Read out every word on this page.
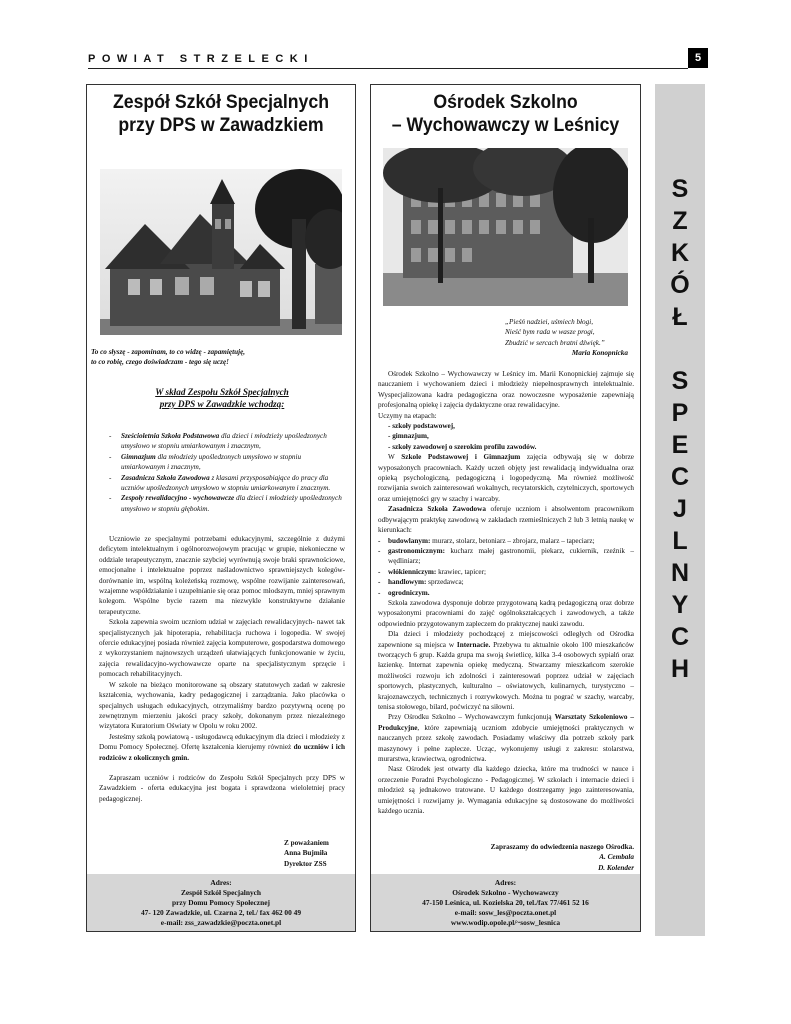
POWIAT STRZELECKI	5
S
Z
K
Ó
Ł
S
P
E
C
J
L
N
Y
C
H
Zespół Szkół Specjalnych
przy DPS w Zawadzkiem
To co słyszę - zapominam, to co widzę - zapamiętuję,
to co robię, czego doświadczam - tego się uczę!
W skład Zespołu Szkół Specjalnych
przy DPS w Zawadzkie wchodzą:

- Sześcioletnia Szkoła Podstawowa dla dzieci i młodzieży upośledzonych umysłowo w stopniu umiarkowanym i znacznym,

- Gimnazjum dla młodzieży upośledzonych umysłowo w stopniu umiarkowanym i znacznym,

- Zasadnicza Szkoła Zawodowa z klasami przysposabiające do pracy dla uczniów upośledzonych umysłowo w stopniu umiarkowanym i znacznym.

- Zespoły rewalidacyjno - wychowawcze dla dzieci i młodzieży upośledzonych umysłowo w stopniu głębokim.

Uczniowie ze specjalnymi potrzebami edukacyjnymi, szczególnie z dużymi deficytem intelektualnym i ogólnorozwojowym pracując w grupie, niekonieczne w oddziale terapeutycznym, znacznie szybciej wyrównują swoje braki sprawnościowe, emocjonalne i intelektualne poprzez naśladownictwo sprawniejszych kolegów- dorównanie im, wspólną koleżeńską rozmowę, wspólne rozwijanie zainteresowań, wzajemne współdziałanie i uzupełnianie się oraz pomoc młodszym, mniej sprawnym kolegom. Wspólne bycie razem ma niezwykle konstruktywne działanie terapeutyczne.

Szkoła zapewnia swoim uczniom udział w zajęciach rewalidacyjnych- nawet tak specjalistycznych jak hipoterapia, rehabilitacja ruchowa i logopedia. W swojej ofercie edukacyjnej posiada również zajęcia komputerowe, gospodarstwa domowego z wykorzystaniem najnowszych urządzeń ułatwiających funkcjonowanie w życiu, zajęcia rewalidacyjno-wychowawcze oparte na specjalistycznym sprzęcie i pomocach rehabilitacyjnych.

W szkole na bieżąco monitorowane są obszary statutowych zadań w zakresie kształcenia, wychowania, kadry pedagogicznej i zarządzania. Jako placówka o specjalnych usługach edukacyjnych, otrzymaliśmy bardzo pozytywną ocenę po zewnętrznym mierzeniu jakości pracy szkoły, dokonanym przez niezależnego wizytatora Kuratorium Oświaty w Opolu w roku 2002.

Jesteśmy szkołą powiatową - usługodawcą edukacyjnym dla dzieci i młodzieży z Domu Pomocy Społecznej. Ofertę kształcenia kierujemy również do uczniów i ich rodziców z okolicznych gmin.

Zapraszam uczniów i rodziców do Zespołu Szkół Specjalnych przy DPS w Zawadzkiem - oferta edukacyjna jest bogata i sprawdzona wieloletniej pracy pedagogicznej.

Z poważaniem
Anna Bujmiła
Dyrektor ZSS
Adres:
Zespół Szkół Specjalnych
przy Domu Pomocy Społecznej
47- 120 Zawadzkie, ul. Czarna 2, tel./ fax 462 00 49
e-mail: zss_zawadzkie@poczta.onet.pl
Ośrodek Szkolno
– Wychowawczy w Leśnicy
„Pieśń nadziei, uśmiech błogi,
Nieść bym rada w wasze progi,
Zbudzić w sercach bratni dźwięk.”
Maria Konopnicka

Ośrodek Szkolno – Wychowawczy w Leśnicy im. Marii Konopnickiej zajmuje się nauczaniem i wychowaniem dzieci i młodzieży niepełnosprawnych intelektualnie. Wyspecjalizowana kadra pedagogiczna oraz nowoczesne wyposażenie zapewniają profesjonalną opiekę i zajęcia dydaktyczne oraz rewalidacyjne.

Uczymy na etapach:

- szkoły podstawowej,
- gimnazjum,
- szkoły zawodowej o szerokim profilu zawodów.

W Szkole Podstawowej i Gimnazjum zajęcia odbywają się w dobrze wyposażonych pracowniach. Każdy uczeń objęty jest rewalidacją indywidualna oraz opieką psychologiczną, pedagogiczną i logopedyczną. Ma również możliwość rozwijania swoich zainteresowań wokalnych, recytatorskich, czytelniczych, sportowych oraz umiejętności gry w szachy i warcaby.

Zasadnicza Szkoła Zawodowa oferuje uczniom i absolwentom pracownikom odbywającym praktykę zawodową w zakładach rzemieślniczych 2 lub 3 letnią naukę w kierunkach:

- budowlanym: murarz, stolarz, betoniarz – zbrojarz, malarz – tapeciarz;

- gastronomicznym: kucharz małej gastronomii, piekarz, cukiernik, rzeźnik – wędliniarz;

- włókienniczym: krawiec, tapicer;

- handlowym: sprzedawca;

- ogrodniczym.

Szkoła zawodowa dysponuje dobrze przygotowaną kadrą pedagogiczną oraz dobrze wyposażonymi pracowniami do zajęć ogólnokształcących i zawodowych, a także odpowiednio przygotowanym zapleczem do praktycznej nauki zawodu.

Dla dzieci i młodzieży pochodzącej z miejscowości odległych od Ośrodka zapewnione są miejsca w Internacie. Przebywa tu aktualnie około 100 mieszkańców tworzących 6 grup. Każda grupa ma swoją świetlicę, kilka 3-4 osobowych sypialń oraz łazienkę. Internat zapewnia opiekę medyczną. Stwarzamy mieszkańcom szerokie możliwości rozwoju ich zdolności i zainteresowań poprzez udział w zajęciach sportowych, plastycznych, kulturalno – oświatowych, kulinarnych, turystyczno – krajoznawczych, technicznych i rozrywkowych. Można tu pograć w szachy, warcaby, tenisa stołowego, bilard, poćwiczyć na siłowni.

Przy Ośrodku Szkolno – Wychowawczym funkcjonują Warsztaty Szkoleniowo – Produkcyjne, które zapewniają uczniom zdobycie umiejętności praktycznych w nauczanych przez szkołę zawodach. Posiadamy właściwy dla potrzeb szkoły park maszynowy i pełne zaplecze. Ucząc, wykonujemy usługi z zakresu: stolarstwa, murarstwa, krawiectwa, ogrodnictwa.

Nasz Ośrodek jest otwarty dla każdego dziecka, które ma trudności w nauce i orzeczenie Poradni Psychologiczno - Pedagogicznej. W szkołach i internacie dzieci i młodzież są jednakowo tratowane. U każdego dostrzegamy jego zainteresowania, umiejętności i rozwijamy je. Wymagania edukacyjne są dostosowane do możliwości każdego ucznia.

Zapraszamy do odwiedzenia naszego Ośrodka.
A. Cembala
D. Kolender
Adres:
Ośrodek Szkolno - Wychowawczy
47-150 Leśnica, ul. Kozielska 20, tel./fax 77/461 52 16
e-mail: sosw_les@poczta.onet.pl
www.wodip.opole.pl/~sosw_lesnica
